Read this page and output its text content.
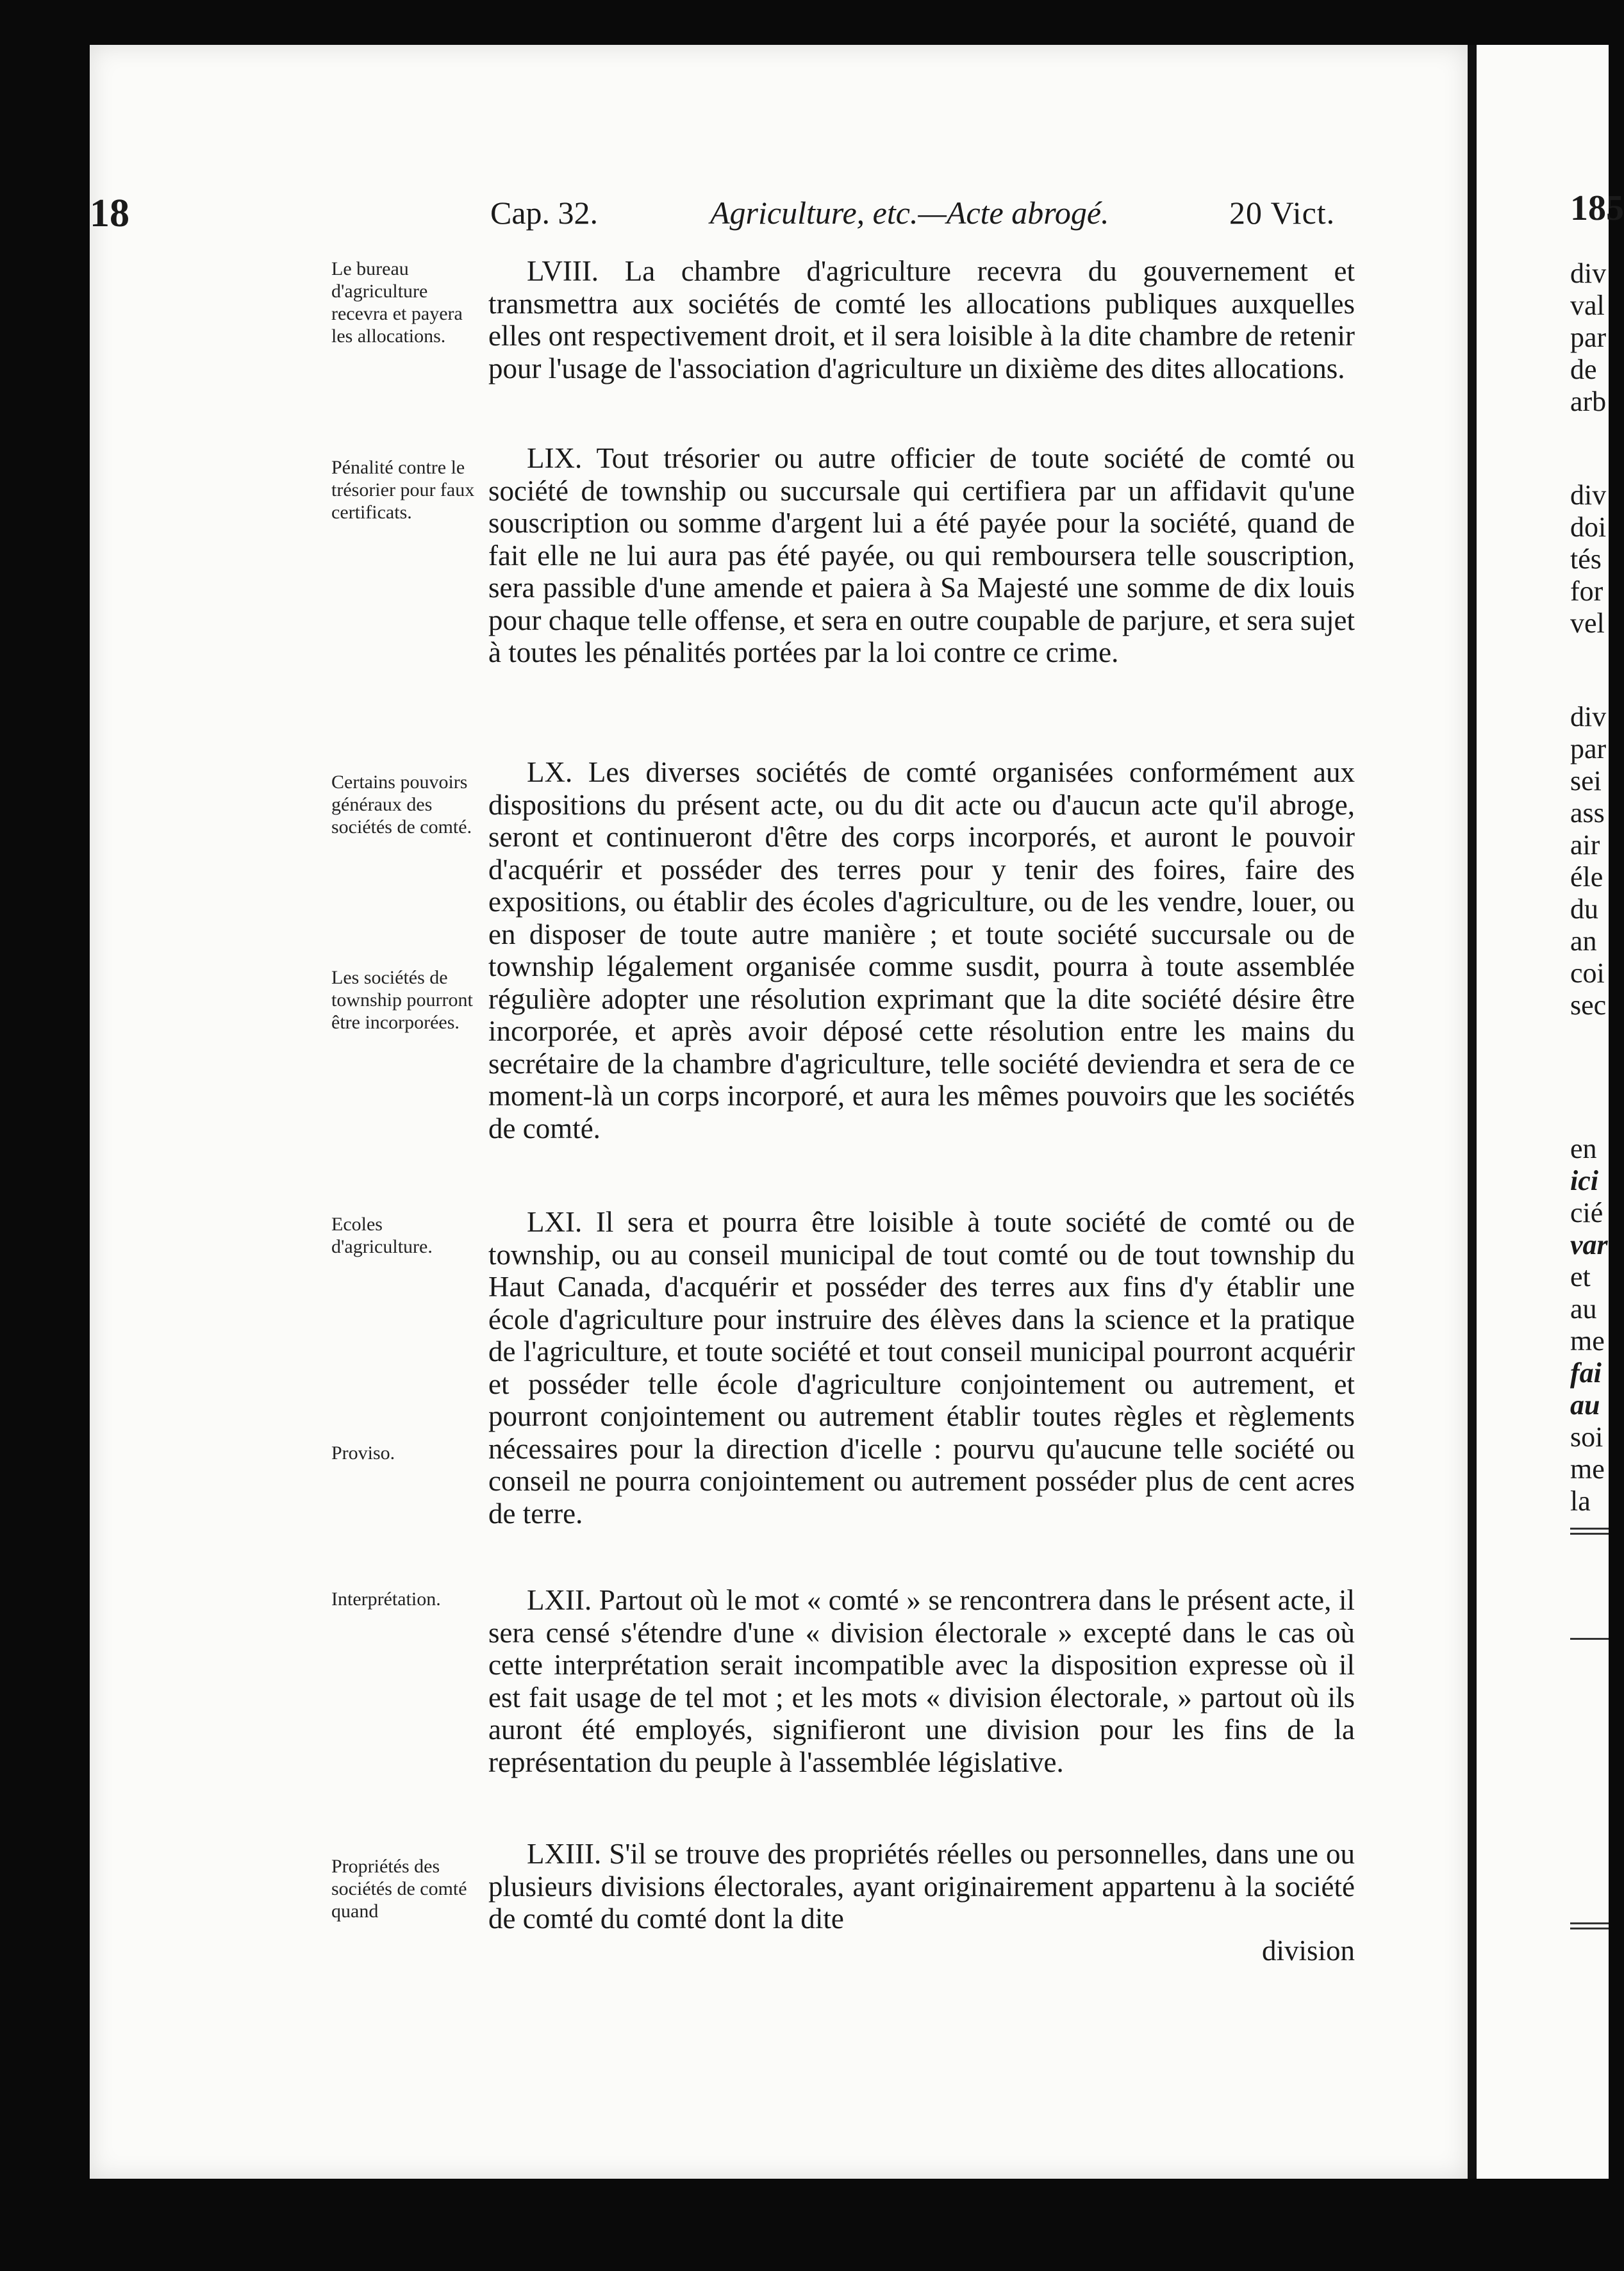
18	Cap. 32.	Agriculture, etc.—Acte abrogé.	20 Vict.
Le bureau d'agriculture recevra et payera les allocations.
Pénalité contre le trésorier pour faux certificats.
Certains pouvoirs généraux des sociétés de comté.
Les sociétés de township pourront être incorporées.
Ecoles d'agriculture.
Proviso.
Interprétation.
Propriétés des sociétés de comté quand
LVIII. La chambre d'agriculture recevra du gouvernement et transmettra aux sociétés de comté les allocations publiques auxquelles elles ont respectivement droit, et il sera loisible à la dite chambre de retenir pour l'usage de l'association d'agriculture un dixième des dites allocations.
LIX. Tout trésorier ou autre officier de toute société de comté ou société de township ou succursale qui certifiera par un affidavit qu'une souscription ou somme d'argent lui a été payée pour la société, quand de fait elle ne lui aura pas été payée, ou qui remboursera telle souscription, sera passible d'une amende et paiera à Sa Majesté une somme de dix louis pour chaque telle offense, et sera en outre coupable de parjure, et sera sujet à toutes les pénalités portées par la loi contre ce crime.
LX. Les diverses sociétés de comté organisées conformément aux dispositions du présent acte, ou du dit acte ou d'aucun acte qu'il abroge, seront et continueront d'être des corps incorporés, et auront le pouvoir d'acquérir et posséder des terres pour y tenir des foires, faire des expositions, ou établir des écoles d'agriculture, ou de les vendre, louer, ou en disposer de toute autre manière ; et toute société succursale ou de township légalement organisée comme susdit, pourra à toute assemblée régulière adopter une résolution exprimant que la dite société désire être incorporée, et après avoir déposé cette résolution entre les mains du secrétaire de la chambre d'agriculture, telle société deviendra et sera de ce moment-là un corps incorporé, et aura les mêmes pouvoirs que les sociétés de comté.
LXI. Il sera et pourra être loisible à toute société de comté ou de township, ou au conseil municipal de tout comté ou de tout township du Haut Canada, d'acquérir et posséder des terres aux fins d'y établir une école d'agriculture pour instruire des élèves dans la science et la pratique de l'agriculture, et toute société et tout conseil municipal pourront acquérir et posséder telle école d'agriculture conjointement ou autrement, et pourront conjointement ou autrement établir toutes règles et règlements nécessaires pour la direction d'icelle : pourvu qu'aucune telle société ou conseil ne pourra conjointement ou autrement posséder plus de cent acres de terre.
LXII. Partout où le mot « comté » se rencontrera dans le présent acte, il sera censé s'étendre d'une « division électorale » excepté dans le cas où cette interprétation serait incompatible avec la disposition expresse où il est fait usage de tel mot ; et les mots « division électorale, » partout où ils auront été employés, signifieront une division pour les fins de la représentation du peuple à l'assemblée législative.
LXIII. S'il se trouve des propriétés réelles ou personnelles, dans une ou plusieurs divisions électorales, ayant originairement appartenu à la société de comté du comté dont la dite
division
185
div
val
par
de
arb
div
doi
tés
for
vel
div
par
sei
ass
air
éle
du
an
coi
sec
en
ici
cié
var
et
au
me
fai
au
soi
me
la
